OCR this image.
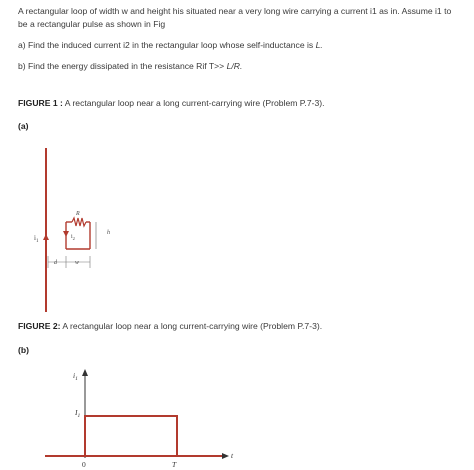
A rectangular loop of width w and height his situated near a very long wire carrying a current i1 as in. Assume i1 to be a rectangular pulse as shown in Fig

a) Find the induced current i2 in the rectangular loop whose self-inductance is L.

b) Find the energy dissipated in the resistance Rif T>> L/R.

FIGURE 1 : A rectangular loop near a long current-carrying wire (Problem P.7-3).
(a)
$i_1$
$i_2$
R
h
d	w
FIGURE 2: A rectangular loop near a long current-carrying wire (Problem P.7-3).
(b)
$i_1$
t
$I_1$
0	T
